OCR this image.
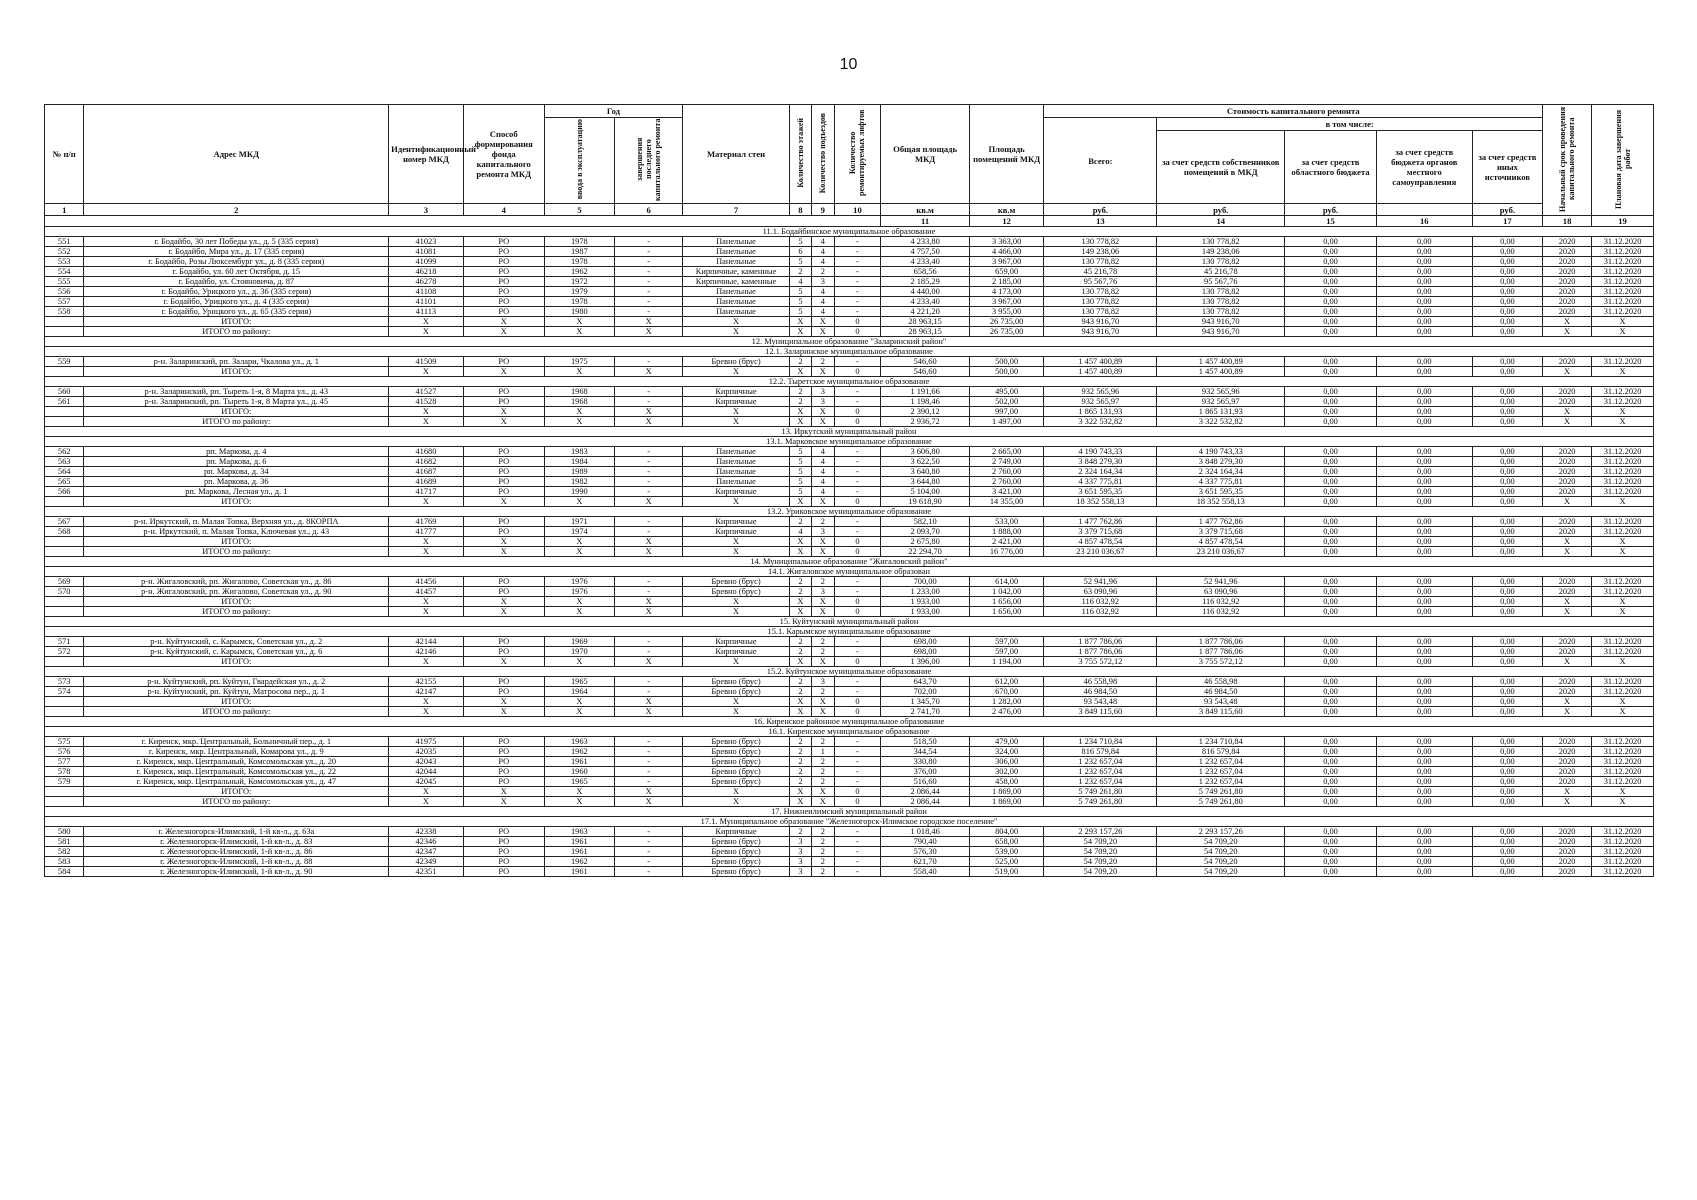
10
№ п/п	Адрес МКД	Идентификационный номер МКД	Способ формирования фонда капитального ремонта МКД	Год		Материал стен	Количество этажей	Количество подъездов	Количество ремонтируемых лифтов	Общая площадь МКД	Площадь помещений МКД	Стоимость капитального ремонта					Начальный срок проведения капитального ремонта	Плановая дата завершения работ
				ввода в эксплуатацию	завершения последнего капитального ремонта							Всего:	в том числе:					
													за счет средств собственников помещений в МКД	за счет средств областного бюджета	за счет средств бюджета органов местного самоуправления	за счет средств иных источников		
1	2	3	4	5	6	7	8	9	10	кв.м	кв.м	руб.	руб.	руб.		руб.		
										11	12	13	14	15	16	17	18	19
11.1. Бодайбинское муниципальное образование																		
551	г. Бодайбо, 30 лет Победы ул., д. 5 (335 серия)	41023	РО	1978	-	Панельные	5	4	-	4 233,80	3 363,00	130 778,82	130 778,82	0,00	0,00	0,00	2020	31.12.2020
552	г. Бодайбо, Мира ул., д. 17 (335 серия)	41081	РО	1987	-	Панельные	6	4	-	4 757,50	4 466,00	149 238,06	149 238,06	0,00	0,00	0,00	2020	31.12.2020
553	г. Бодайбо, Розы Люксембург ул., д. 8 (335 серия)	41099	РО	1978	-	Панельные	5	4	-	4 233,40	3 967,00	130 778,82	130 778,82	0,00	0,00	0,00	2020	31.12.2020
554	г. Бодайбо, ул. 60 лет Октября, д. 15	46218	РО	1962	-	Кирпичные, каменные	2	2	-	658,56	659,00	45 216,78	45 216,78	0,00	0,00	0,00	2020	31.12.2020
555	г. Бодайбо, ул. Стояновича, д. 87	46278	РО	1972	-	Кирпичные, каменные	4	3	-	2 185,29	2 185,00	95 567,76	95 567,76	0,00	0,00	0,00	2020	31.12.2020
556	г. Бодайбо, Урицкого ул., д. 36 (335 серия)	41108	РО	1979	-	Панельные	5	4	-	4 440,00	4 173,00	130 778,82	130 778,82	0,00	0,00	0,00	2020	31.12.2020
557	г. Бодайбо, Урицкого ул., д. 4 (335 серия)	41101	РО	1978	-	Панельные	5	4	-	4 233,40	3 967,00	130 778,82	130 778,82	0,00	0,00	0,00	2020	31.12.2020
558	г. Бодайбо, Урицкого ул., д. 65 (335 серия)	41113	РО	1980	-	Панельные	5	4	-	4 221,20	3 955,00	130 778,82	130 778,82	0,00	0,00	0,00	2020	31.12.2020
	ИТОГО:	X	X	X	X	X	X	X	0	28 963,15	26 735,00	943 916,70	943 916,70	0,00	0,00	0,00	X	X
	ИТОГО по району:	X	X	X	X	X	X	X	0	28 963,15	26 735,00	943 916,70	943 916,70	0,00	0,00	0,00	X	X
12. Муниципальное образование "Заларинский район"																		
12.1. Заларинское муниципальное образование																		
559	р-н. Заларинский, рп. Залари, Чкалова ул., д. 1	41509	РО	1975	-	Бревно (брус)	2	2	-	546,60	500,00	1 457 400,89	1 457 400,89	0,00	0,00	0,00	2020	31.12.2020
	ИТОГО:	X	X	X	X	X	X	X	0	546,60	500,00	1 457 400,89	1 457 400,89	0,00	0,00	0,00	X	X
12.2. Тыретское муниципальное образование																		
560	р-н. Заларинский, рп. Тыреть 1-я, 8 Марта ул., д. 43	41527	РО	1968	-	Кирпичные	2	3	-	1 191,66	495,00	932 565,96	932 565,96	0,00	0,00	0,00	2020	31.12.2020
561	р-н. Заларинский, рп. Тыреть 1-я, 8 Марта ул., д. 45	41528	РО	1968	-	Кирпичные	2	3	-	1 198,46	502,00	932 565,97	932 565,97	0,00	0,00	0,00	2020	31.12.2020
	ИТОГО:	X	X	X	X	X	X	X	0	2 390,12	997,00	1 865 131,93	1 865 131,93	0,00	0,00	0,00	X	X
	ИТОГО по району:	X	X	X	X	X	X	X	0	2 936,72	1 497,00	3 322 532,82	3 322 532,82	0,00	0,00	0,00	X	X
13. Иркутский муниципальный район																		
13.1. Марковское муниципальное образование																		
562	рп. Маркова, д. 4	41680	РО	1983	-	Панельные	5	4	-	3 606,80	2 665,00	4 190 743,33	4 190 743,33	0,00	0,00	0,00	2020	31.12.2020
563	рп. Маркова, д. 6	41682	РО	1984	-	Панельные	5	4	-	3 622,50	2 749,00	3 848 279,30	3 848 279,30	0,00	0,00	0,00	2020	31.12.2020
564	рп. Маркова, д. 34	41687	РО	1989	-	Панельные	5	4	-	3 640,80	2 760,00	2 324 164,34	2 324 164,34	0,00	0,00	0,00	2020	31.12.2020
565	рп. Маркова, д. 36	41689	РО	1982	-	Панельные	5	4	-	3 644,80	2 760,00	4 337 775,81	4 337 775,81	0,00	0,00	0,00	2020	31.12.2020
566	рп. Маркова, Лесная ул., д. 1	41717	РО	1990	-	Кирпичные	5	4	-	5 104,00	3 421,00	3 651 595,35	3 651 595,35	0,00	0,00	0,00	2020	31.12.2020
	ИТОГО:	X	X	X	X	X	X	X	0	19 618,90	14 355,00	18 352 558,13	18 352 558,13	0,00	0,00	0,00	X	X
13.2. Уриковское муниципальное образование																		
567	р-н. Иркутский, п. Малая Топка, Верхняя ул., д. 8КОРПА	41769	РО	1971	-	Кирпичные	2	2	-	582,10	533,00	1 477 762,86	1 477 762,86	0,00	0,00	0,00	2020	31.12.2020
568	р-н. Иркутский, п. Малая Топка, Ключевая ул., д. 43	41777	РО	1974	-	Кирпичные	4	3	-	2 093,70	1 888,00	3 379 715,68	3 379 715,68	0,00	0,00	0,00	2020	31.12.2020
	ИТОГО:	X	X	X	X	X	X	X	0	2 675,80	2 421,00	4 857 478,54	4 857 478,54	0,00	0,00	0,00	X	X
	ИТОГО по району:	X	X	X	X	X	X	X	0	22 294,70	16 776,00	23 210 036,67	23 210 036,67	0,00	0,00	0,00	X	X
14. Муниципальное образование "Жигаловский район"																		
14.1. Жигаловское муниципальное образован																		
569	р-н. Жигаловский, рп. Жигалово, Советская ул., д. 86	41456	РО	1976	-	Бревно (брус)	2	2	-	700,00	614,00	52 941,96	52 941,96	0,00	0,00	0,00	2020	31.12.2020
570	р-н. Жигаловский, рп. Жигалово, Советская ул., д. 90	41457	РО	1976	-	Бревно (брус)	2	3	-	1 233,00	1 042,00	63 090,96	63 090,96	0,00	0,00	0,00	2020	31.12.2020
	ИТОГО:	X	X	X	X	X	X	X	0	1 933,00	1 656,00	116 032,92	116 032,92	0,00	0,00	0,00	X	X
	ИТОГО по району:	X	X	X	X	X	X	X	0	1 933,00	1 656,00	116 032,92	116 032,92	0,00	0,00	0,00	X	X
15. Куйтунский муниципальный район																		
15.1. Карымское муниципальное образование																		
571	р-н. Куйтунский, с. Карымск, Советская ул., д. 2	42144	РО	1969	-	Кирпичные	2	2	-	698,00	597,00	1 877 786,06	1 877 786,06	0,00	0,00	0,00	2020	31.12.2020
572	р-н. Куйтунский, с. Карымск, Советская ул., д. 6	42146	РО	1970	-	Кирпичные	2	2	-	698,00	597,00	1 877 786,06	1 877 786,06	0,00	0,00	0,00	2020	31.12.2020
	ИТОГО:	X	X	X	X	X	X	X	0	1 396,00	1 194,00	3 755 572,12	3 755 572,12	0,00	0,00	0,00	X	X
15.2. Куйтунское муниципальное образование																		
573	р-н. Куйтунский, рп. Куйтун, Гвардейская ул., д. 2	42155	РО	1965	-	Бревно (брус)	2	3	-	643,70	612,00	46 558,98	46 558,98	0,00	0,00	0,00	2020	31.12.2020
574	р-н. Куйтунский, рп. Куйтун, Матросова пер., д. 1	42147	РО	1964	-	Бревно (брус)	2	2	-	702,00	670,00	46 984,50	46 984,50	0,00	0,00	0,00	2020	31.12.2020
	ИТОГО:	X	X	X	X	X	X	X	0	1 345,70	1 282,00	93 543,48	93 543,48	0,00	0,00	0,00	X	X
	ИТОГО по району:	X	X	X	X	X	X	X	0	2 741,70	2 476,00	3 849 115,60	3 849 115,60	0,00	0,00	0,00	X	X
16. Киренское районное муниципальное образование																		
16.1. Киренское муниципальное образование																		
575	г. Киренск, мкр. Центральный, Больничный пер., д. 1	41975	РО	1963	-	Бревно (брус)	2	2	-	518,50	479,00	1 234 710,84	1 234 710,84	0,00	0,00	0,00	2020	31.12.2020
576	г. Киренск, мкр. Центральный, Комарова ул., д. 9	42035	РО	1962	-	Бревно (брус)	2	1	-	344,54	324,00	816 579,84	816 579,84	0,00	0,00	0,00	2020	31.12.2020
577	г. Киренск, мкр. Центральный, Комсомольская ул., д. 20	42043	РО	1961	-	Бревно (брус)	2	2	-	330,80	306,00	1 232 657,04	1 232 657,04	0,00	0,00	0,00	2020	31.12.2020
578	г. Киренск, мкр. Центральный, Комсомольская ул., д. 22	42044	РО	1960	-	Бревно (брус)	2	2	-	376,00	302,00	1 232 657,04	1 232 657,04	0,00	0,00	0,00	2020	31.12.2020
579	г. Киренск, мкр. Центральный, Комсомольская ул., д. 47	42045	РО	1965	-	Бревно (брус)	2	2	-	516,60	458,00	1 232 657,04	1 232 657,04	0,00	0,00	0,00	2020	31.12.2020
	ИТОГО:	X	X	X	X	X	X	X	0	2 086,44	1 869,00	5 749 261,80	5 749 261,80	0,00	0,00	0,00	X	X
	ИТОГО по району:	X	X	X	X	X	X	X	0	2 086,44	1 869,00	5 749 261,80	5 749 261,80	0,00	0,00	0,00	X	X
17. Нижнеилимский муниципальный район																		
17.1. Муниципальное образование "Железногорск-Илимское городское поселение"																		
580	г. Железногорск-Илимский, 1-й кв-л., д. 63а	42338	РО	1963	-	Кирпичные	2	2	-	1 018,46	804,00	2 293 157,26	2 293 157,26	0,00	0,00	0,00	2020	31.12.2020
581	г. Железногорск-Илимский, 1-й кв-л., д. 83	42346	РО	1961	-	Бревно (брус)	3	2	-	790,40	658,00	54 709,20	54 709,20	0,00	0,00	0,00	2020	31.12.2020
582	г. Железногорск-Илимский, 1-й кв-л., д. 86	42347	РО	1961	-	Бревно (брус)	3	2	-	576,30	539,00	54 709,20	54 709,20	0,00	0,00	0,00	2020	31.12.2020
583	г. Железногорск-Илимский, 1-й кв-л., д. 88	42349	РО	1962	-	Бревно (брус)	3	2	-	621,70	525,00	54 709,20	54 709,20	0,00	0,00	0,00	2020	31.12.2020
584	г. Железногорск-Илимский, 1-й кв-л., д. 90	42351	РО	1961	-	Бревно (брус)	3	2	-	558,40	519,00	54 709,20	54 709,20	0,00	0,00	0,00	2020	31.12.2020
